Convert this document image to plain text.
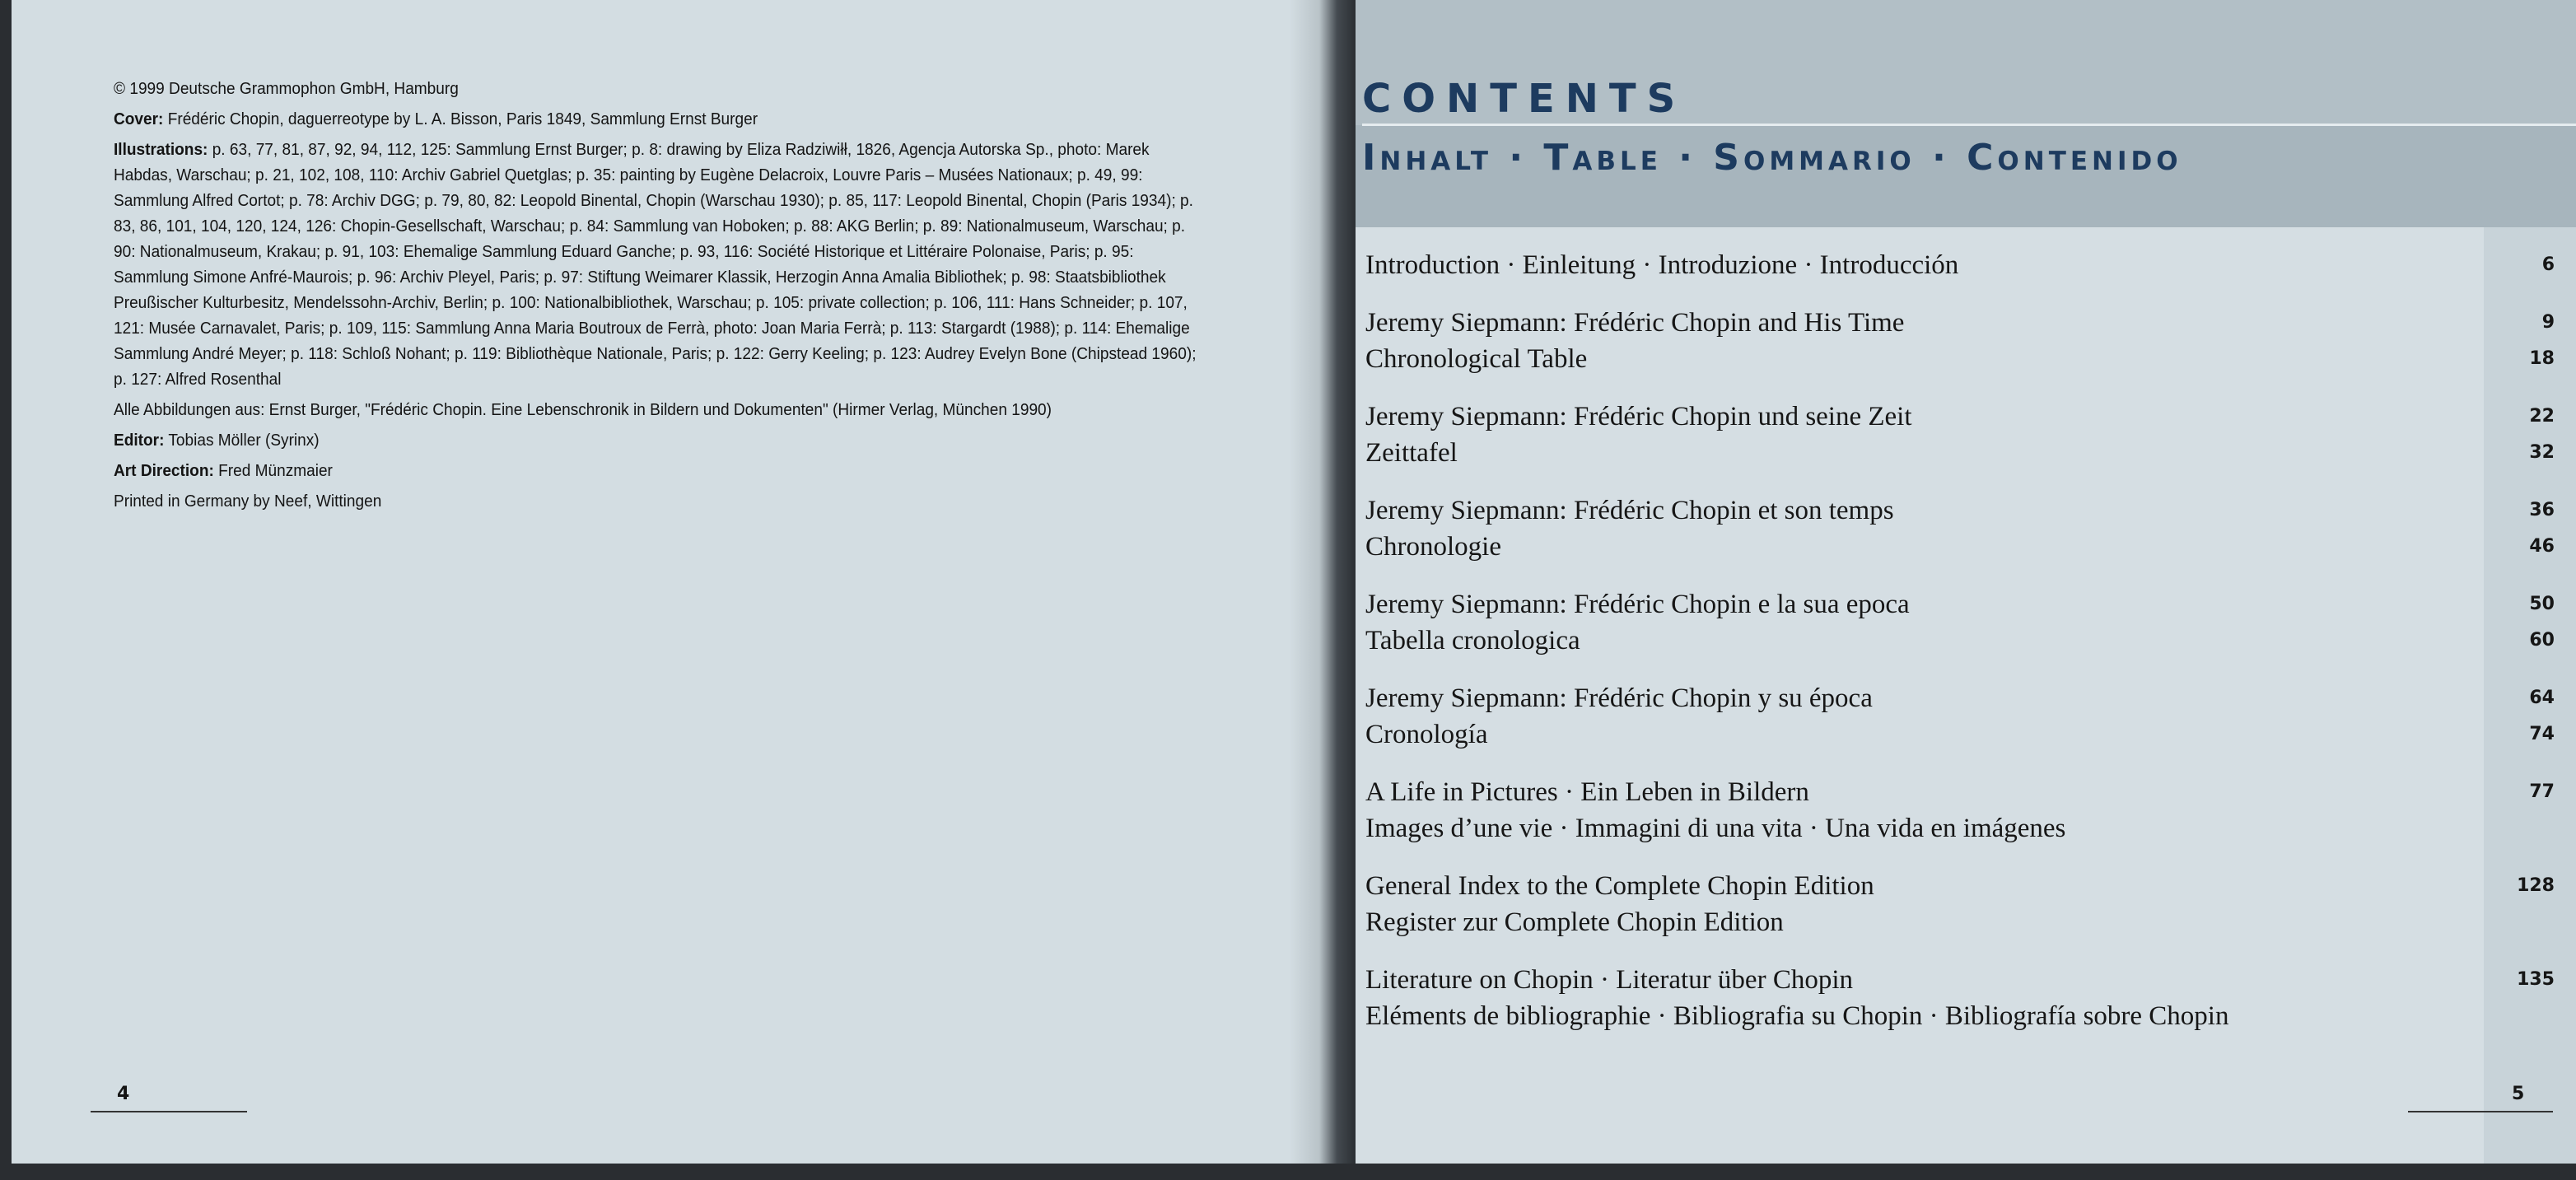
© 1999 Deutsche Grammophon GmbH, Hamburg

Cover: Frédéric Chopin, daguerreotype by L. A. Bisson, Paris 1849, Sammlung Ernst Burger

Illustrations: p. 63, 77, 81, 87, 92, 94, 112, 125: Sammlung Ernst Burger; p. 8: drawing by Eliza Radziwiłł, 1826, Agencja Autorska Sp., photo: Marek Habdas, Warschau; p. 21, 102, 108, 110: Archiv Gabriel Quetglas; p. 35: painting by Eugène Delacroix, Louvre Paris – Musées Nationaux; p. 49, 99: Sammlung Alfred Cortot; p. 78: Archiv DGG; p. 79, 80, 82: Leopold Binental, Chopin (Warschau 1930); p. 85, 117: Leopold Binental, Chopin (Paris 1934); p. 83, 86, 101, 104, 120, 124, 126: Chopin-Gesellschaft, Warschau; p. 84: Sammlung van Hoboken; p. 88: AKG Berlin; p. 89: Nationalmuseum, Warschau; p. 90: Nationalmuseum, Krakau; p. 91, 103: Ehemalige Sammlung Eduard Ganche; p. 93, 116: Société Historique et Littéraire Polonaise, Paris; p. 95: Sammlung Simone Anfré-Maurois; p. 96: Archiv Pleyel, Paris; p. 97: Stiftung Weimarer Klassik, Herzogin Anna Amalia Bibliothek; p. 98: Staatsbibliothek Preußischer Kulturbesitz, Mendelssohn-Archiv, Berlin; p. 100: Nationalbibliothek, Warschau; p. 105: private collection; p. 106, 111: Hans Schneider; p. 107, 121: Musée Carnavalet, Paris; p. 109, 115: Sammlung Anna Maria Boutroux de Ferrà, photo: Joan Maria Ferrà; p. 113: Stargardt (1988); p. 114: Ehemalige Sammlung André Meyer; p. 118: Schloß Nohant; p. 119: Bibliothèque Nationale, Paris; p. 122: Gerry Keeling; p. 123: Audrey Evelyn Bone (Chipstead 1960); p. 127: Alfred Rosenthal

Alle Abbildungen aus: Ernst Burger, "Frédéric Chopin. Eine Lebenschronik in Bildern und Dokumenten" (Hirmer Verlag, München 1990)

Editor: Tobias Möller (Syrinx)

Art Direction: Fred Münzmaier

Printed in Germany by Neef, Wittingen

4
CONTENTS
Inhalt · Table · Sommario · Contenido
Introduction · Einleitung · Introduzione · Introducción	6
Jeremy Siepmann: Frédéric Chopin and His Time	9
Chronological Table	18
Jeremy Siepmann: Frédéric Chopin und seine Zeit	22
Zeittafel	32
Jeremy Siepmann: Frédéric Chopin et son temps	36
Chronologie	46
Jeremy Siepmann: Frédéric Chopin e la sua epoca	50
Tabella cronologica	60
Jeremy Siepmann: Frédéric Chopin y su época	64
Cronología	74
A Life in Pictures · Ein Leben in Bildern	77
Images d’une vie · Immagini di una vita · Una vida en imágenes
General Index to the Complete Chopin Edition	128
Register zur Complete Chopin Edition
Literature on Chopin · Literatur über Chopin	135
Eléments de bibliographie · Bibliografia su Chopin · Bibliografía sobre Chopin
5
